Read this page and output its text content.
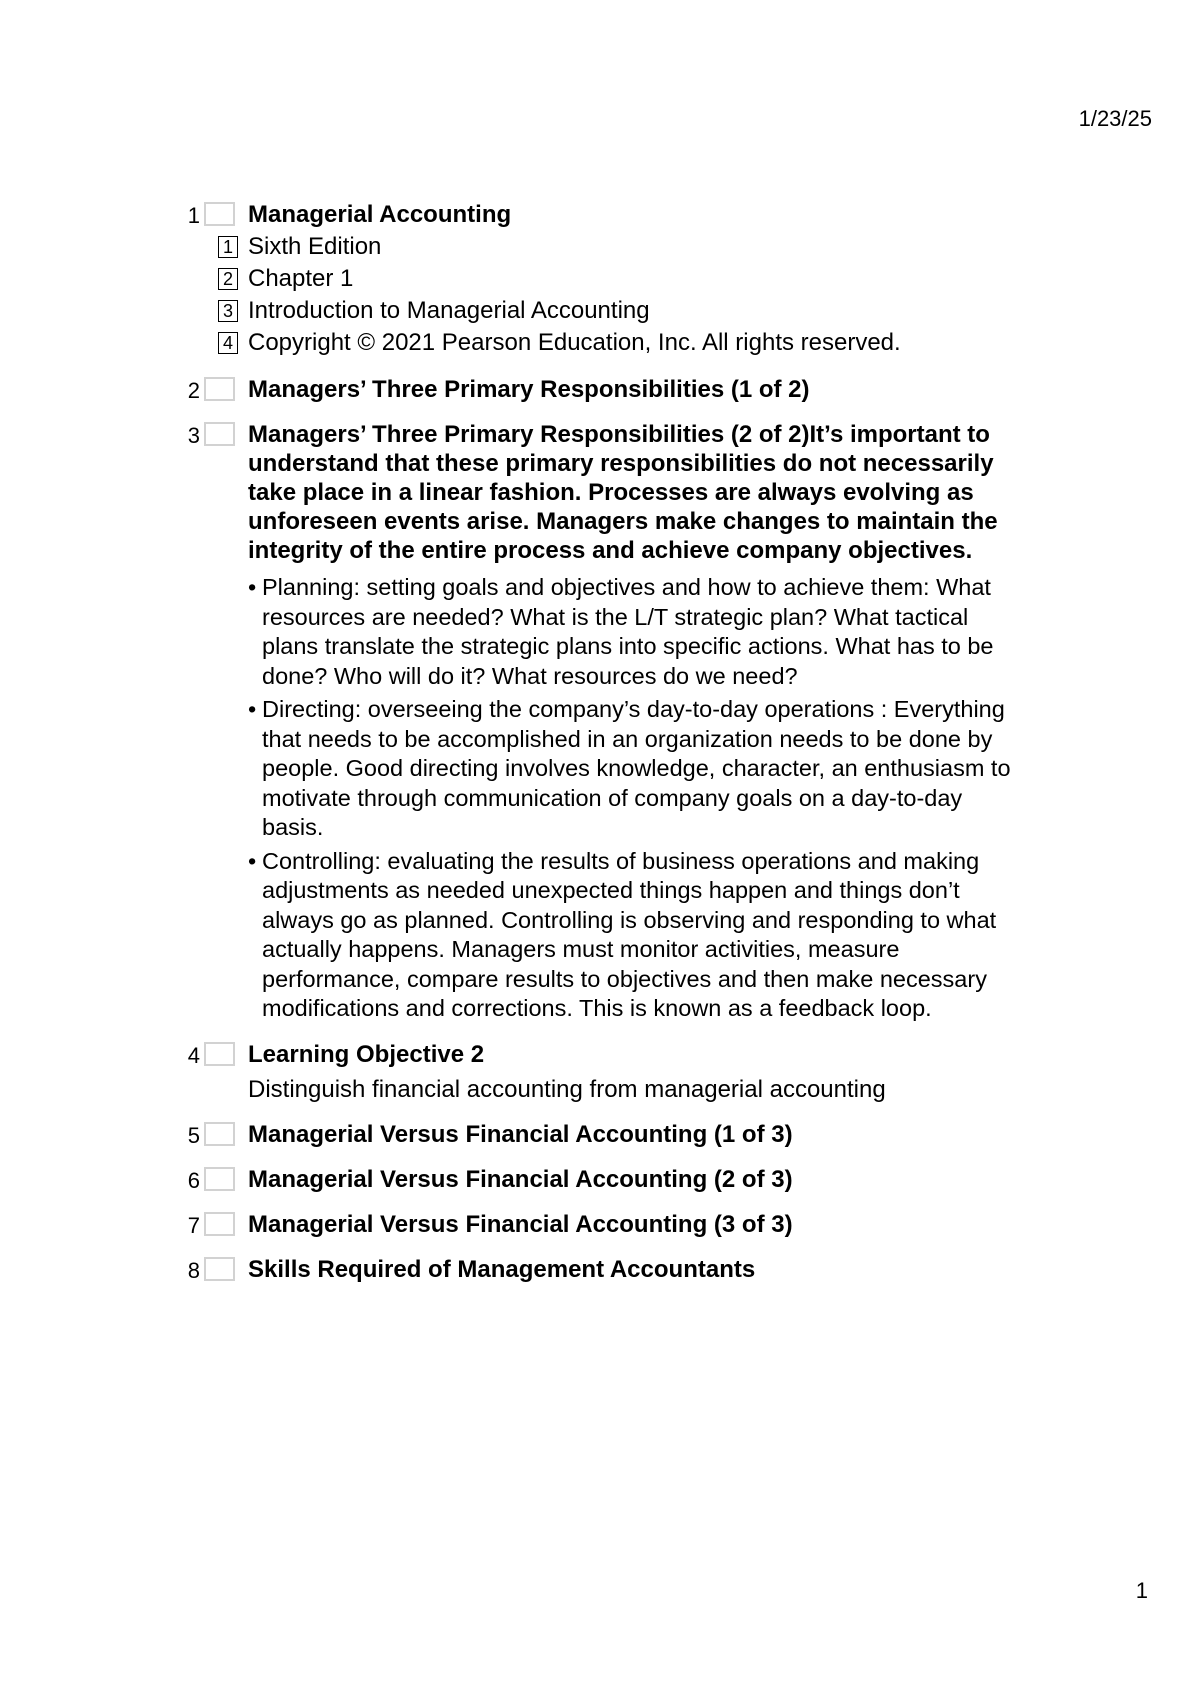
1/23/25
1 Managerial Accounting
1 Sixth Edition
2 Chapter 1
3 Introduction to Managerial Accounting
4 Copyright © 2021 Pearson Education, Inc. All rights reserved.
2 Managers’ Three Primary Responsibilities (1 of 2)
3 Managers’ Three Primary Responsibilities (2 of 2)It’s important to understand that these primary responsibilities do not necessarily take place in a linear fashion. Processes are always evolving as unforeseen events arise. Managers make changes to maintain the integrity of the entire process and achieve company objectives.
• Planning: setting goals and objectives and how to achieve them: What resources are needed? What is the L/T strategic plan? What tactical plans translate the strategic plans into specific actions. What has to be done? Who will do it? What resources do we need?
• Directing: overseeing the company’s day-to-day operations : Everything that needs to be accomplished in an organization needs to be done by people. Good directing involves knowledge, character, an enthusiasm to motivate through communication of company goals on a day-to-day basis.
• Controlling: evaluating the results of business operations and making adjustments as needed unexpected things happen and things don’t always go as planned. Controlling is observing and responding to what actually happens. Managers must monitor activities, measure performance, compare results to objectives and then make necessary modifications and corrections. This is known as a feedback loop.
4 Learning Objective 2
Distinguish financial accounting from managerial accounting
5 Managerial Versus Financial Accounting (1 of 3)
6 Managerial Versus Financial Accounting (2 of 3)
7 Managerial Versus Financial Accounting (3 of 3)
8 Skills Required of Management Accountants
1
